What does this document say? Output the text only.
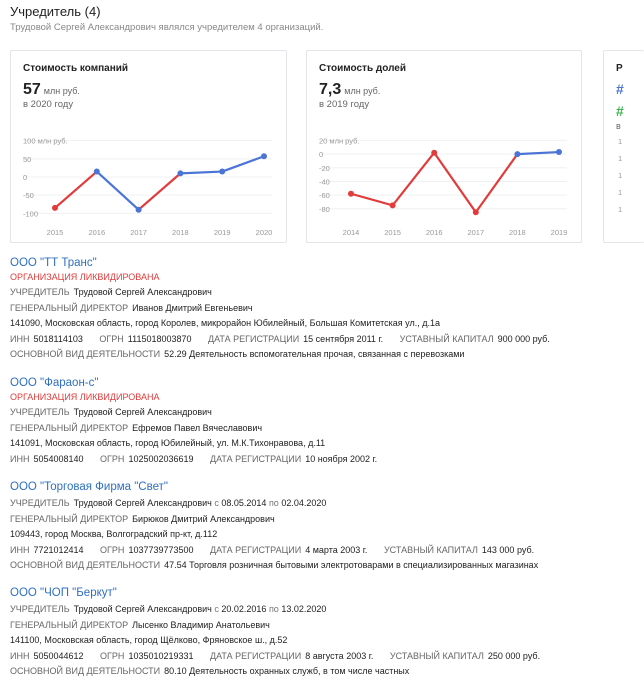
Учредитель (4)
Трудовой Сергей Александрович являлся учредителем 4 организаций.
Стоимость компаний
57 млн руб.
в 2020 году
100 млн руб.
50
0
-50
-100
2015	2016	2017	2018	2019	2020
Стоимость долей
7,3 млн руб.
в 2019 году
20 млн руб.
0
-20
-40
-60
-80
2014	2015	2016	2017	2018	2019
Р
#
#
в
1
1
1
1
1
ООО "ТТ Транс"
ОРГАНИЗАЦИЯ ЛИКВИДИРОВАНА
УЧРЕДИТЕЛЬ Трудовой Сергей Александрович
ГЕНЕРАЛЬНЫЙ ДИРЕКТОР Иванов Дмитрий Евгеньевич
141090, Московская область, город Королев, микрорайон Юбилейный, Большая Комитетская ул., д.1а
ИНН 5018114103 ОГРН 1115018003870 ДАТА РЕГИСТРАЦИИ 15 сентября 2011 г. УСТАВНЫЙ КАПИТАЛ 900 000 руб.
ОСНОВНОЙ ВИД ДЕЯТЕЛЬНОСТИ 52.29 Деятельность вспомогательная прочая, связанная с перевозками
ООО "Фараон-с"
ОРГАНИЗАЦИЯ ЛИКВИДИРОВАНА
УЧРЕДИТЕЛЬ Трудовой Сергей Александрович
ГЕНЕРАЛЬНЫЙ ДИРЕКТОР Ефремов Павел Вячеславович
141091, Московская область, город Юбилейный, ул. М.К.Тихонравова, д.11
ИНН 5054008140 ОГРН 1025002036619 ДАТА РЕГИСТРАЦИИ 10 ноября 2002 г.
ООО "Торговая Фирма "Свет"
УЧРЕДИТЕЛЬ Трудовой Сергей Александрович с 08.05.2014 по 02.04.2020
ГЕНЕРАЛЬНЫЙ ДИРЕКТОР Бирюков Дмитрий Александрович
109443, город Москва, Волгоградский пр-кт, д.112
ИНН 7721012414 ОГРН 1037739773500 ДАТА РЕГИСТРАЦИИ 4 марта 2003 г. УСТАВНЫЙ КАПИТАЛ 143 000 руб.
ОСНОВНОЙ ВИД ДЕЯТЕЛЬНОСТИ 47.54 Торговля розничная бытовыми электротоварами в специализированных магазинах
ООО "ЧОП "Беркут"
УЧРЕДИТЕЛЬ Трудовой Сергей Александрович с 20.02.2016 по 13.02.2020
ГЕНЕРАЛЬНЫЙ ДИРЕКТОР Лысенко Владимир Анатольевич
141100, Московская область, город Щёлково, Фряновское ш., д.52
ИНН 5050044612 ОГРН 1035010219331 ДАТА РЕГИСТРАЦИИ 8 августа 2003 г. УСТАВНЫЙ КАПИТАЛ 250 000 руб.
ОСНОВНОЙ ВИД ДЕЯТЕЛЬНОСТИ 80.10 Деятельность охранных служб, в том числе частных
